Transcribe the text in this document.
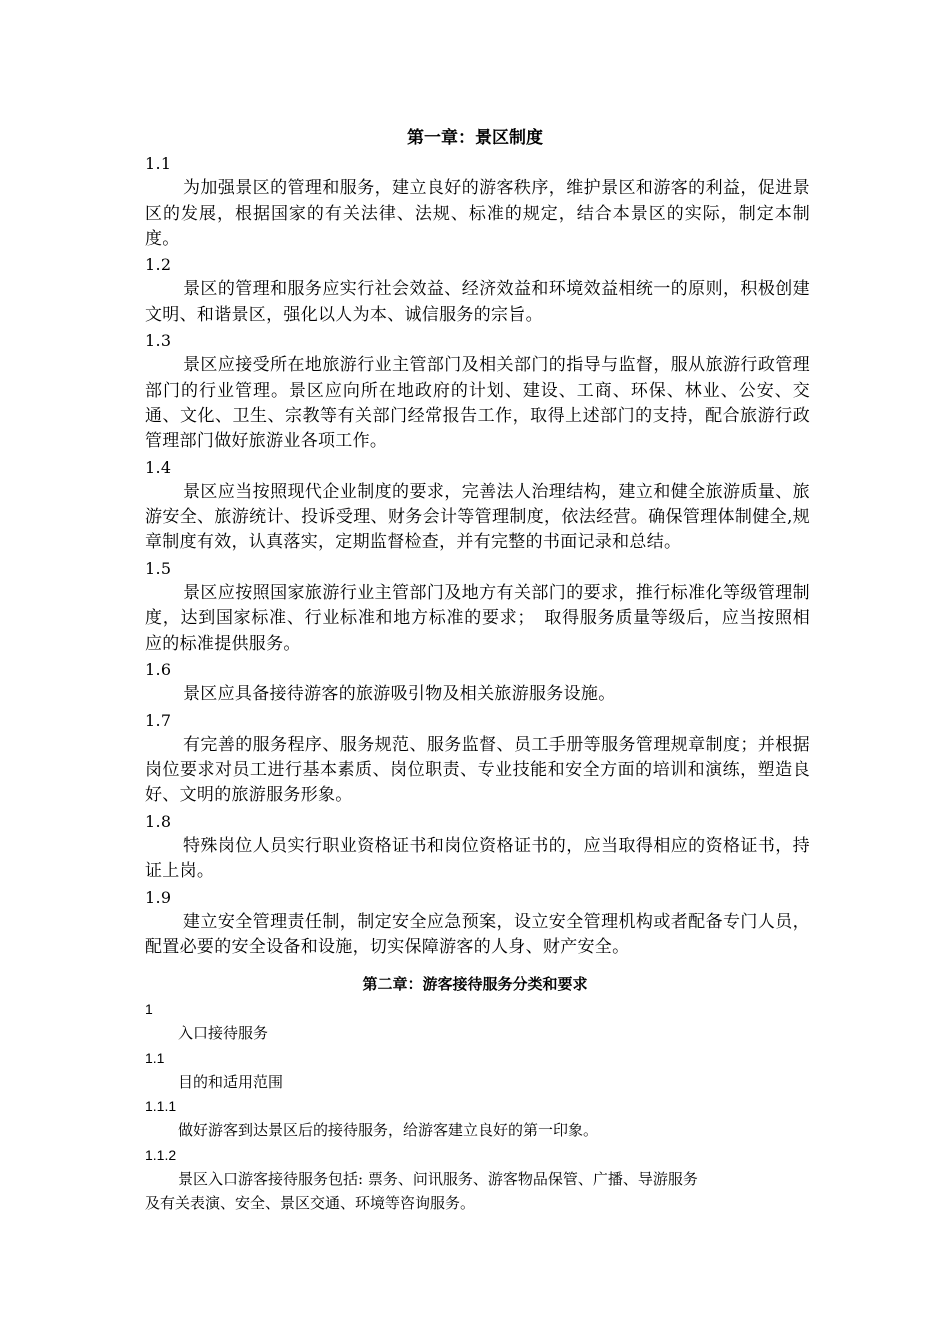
第一章：景区制度

1.1

为加强景区的管理和服务，建立良好的游客秩序，维护景区和游客的利益，促进景区的发展，根据国家的有关法律、法规、标准的规定，结合本景区的实际，制定本制度。

1.2

景区的管理和服务应实行社会效益、经济效益和环境效益相统一的原则，积极创建文明、和谐景区，强化以人为本、诚信服务的宗旨。

1.3

景区应接受所在地旅游行业主管部门及相关部门的指导与监督，服从旅游行政管理部门的行业管理。景区应向所在地政府的计划、建设、工商、环保、林业、公安、交通、文化、卫生、宗教等有关部门经常报告工作，取得上述部门的支持，配合旅游行政管理部门做好旅游业各项工作。

1.4

景区应当按照现代企业制度的要求，完善法人治理结构，建立和健全旅游质量、旅游安全、旅游统计、投诉受理、财务会计等管理制度，依法经营。确保管理体制健全,规章制度有效，认真落实，定期监督检查，并有完整的书面记录和总结。

1.5

景区应按照国家旅游行业主管部门及地方有关部门的要求，推行标准化等级管理制度，达到国家标准、行业标准和地方标准的要求；　取得服务质量等级后，应当按照相应的标准提供服务。

1.6

景区应具备接待游客的旅游吸引物及相关旅游服务设施。

1.7

有完善的服务程序、服务规范、服务监督、员工手册等服务管理规章制度；并根据岗位要求对员工进行基本素质、岗位职责、专业技能和安全方面的培训和演练，塑造良好、文明的旅游服务形象。

1.8

特殊岗位人员实行职业资格证书和岗位资格证书的，应当取得相应的资格证书，持证上岗。

1.9

建立安全管理责任制，制定安全应急预案，设立安全管理机构或者配备专门人员，配置必要的安全设备和设施，切实保障游客的人身、财产安全。

第二章：游客接待服务分类和要求

1

入口接待服务

1.1

目的和适用范围

1.1.1

做好游客到达景区后的接待服务，给游客建立良好的第一印象。

1.1.2

景区入口游客接待服务包括: 票务、问讯服务、游客物品保管、广播、导游服务

及有关表演、安全、景区交通、环境等咨询服务。
